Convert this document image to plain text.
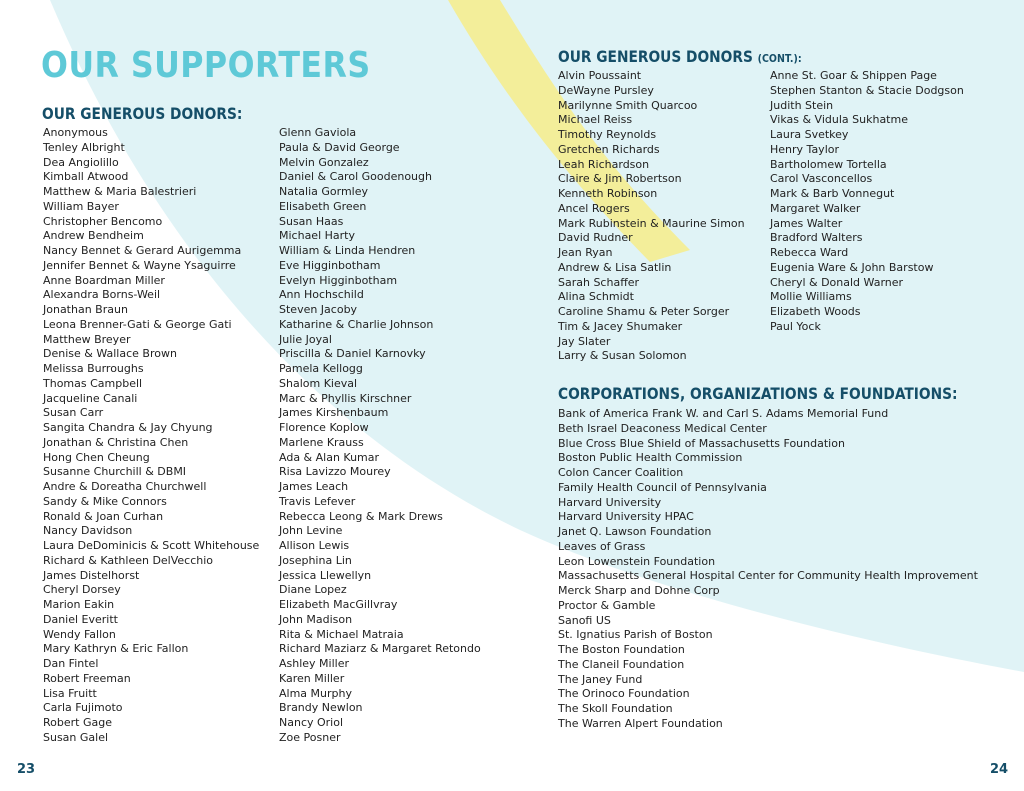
OUR SUPPORTERS
OUR GENEROUS DONORS:
OUR GENEROUS DONORS (CONT.):
CORPORATIONS, ORGANIZATIONS & FOUNDATIONS:
Anonymous
Tenley Albright
Dea Angiolillo
Kimball Atwood
Matthew & Maria Balestrieri
William Bayer
Christopher Bencomo
Andrew Bendheim
Nancy Bennet & Gerard Aurigemma
Jennifer Bennet & Wayne Ysaguirre
Anne Boardman Miller
Alexandra Borns-Weil
Jonathan Braun
Leona Brenner-Gati & George Gati
Matthew Breyer
Denise & Wallace Brown
Melissa Burroughs
Thomas Campbell
Jacqueline Canali
Susan Carr
Sangita Chandra & Jay Chyung
Jonathan & Christina Chen
Hong Chen Cheung
Susanne Churchill & DBMI
Andre & Doreatha Churchwell
Sandy & Mike Connors
Ronald & Joan Curhan
Nancy Davidson
Laura DeDominicis & Scott Whitehouse
Richard & Kathleen DelVecchio
James Distelhorst
Cheryl Dorsey
Marion Eakin
Daniel Everitt
Wendy Fallon
Mary Kathryn & Eric Fallon
Dan Fintel
Robert Freeman
Lisa Fruitt
Carla Fujimoto
Robert Gage
Susan Galel
Glenn Gaviola
Paula & David George
Melvin Gonzalez
Daniel & Carol Goodenough
Natalia Gormley
Elisabeth Green
Susan Haas
Michael Harty
William & Linda Hendren
Eve Higginbotham
Evelyn Higginbotham
Ann Hochschild
Steven Jacoby
Katharine & Charlie Johnson
Julie Joyal
Priscilla & Daniel Karnovky
Pamela Kellogg
Shalom Kieval
Marc & Phyllis Kirschner
James Kirshenbaum
Florence Koplow
Marlene Krauss
Ada & Alan Kumar
Risa Lavizzo Mourey
James Leach
Travis Lefever
Rebecca Leong & Mark Drews
John Levine
Allison Lewis
Josephina Lin
Jessica Llewellyn
Diane Lopez
Elizabeth MacGillvray
John Madison
Rita & Michael Matraia
Richard Maziarz & Margaret Retondo
Ashley Miller
Karen Miller
Alma Murphy
Brandy Newlon
Nancy Oriol
Zoe Posner
Alvin Poussaint
DeWayne Pursley
Marilynne Smith Quarcoo
Michael Reiss
Timothy Reynolds
Gretchen Richards
Leah Richardson
Claire & Jim Robertson
Kenneth Robinson
Ancel Rogers
Mark Rubinstein & Maurine Simon
David Rudner
Jean Ryan
Andrew & Lisa Satlin
Sarah Schaffer
Alina Schmidt
Caroline Shamu & Peter Sorger
Tim & Jacey Shumaker
Jay Slater
Larry & Susan Solomon
Anne St. Goar & Shippen Page
Stephen Stanton & Stacie Dodgson
Judith Stein
Vikas & Vidula Sukhatme
Laura Svetkey
Henry Taylor
Bartholomew Tortella
Carol Vasconcellos
Mark & Barb Vonnegut
Margaret Walker
James Walter
Bradford Walters
Rebecca Ward
Eugenia Ware & John Barstow
Cheryl & Donald Warner
Mollie Williams
Elizabeth Woods
Paul Yock
Bank of America Frank W. and Carl S. Adams Memorial Fund
Beth Israel Deaconess Medical Center
Blue Cross Blue Shield of Massachusetts Foundation
Boston Public Health Commission
Colon Cancer Coalition
Family Health Council of Pennsylvania
Harvard University
Harvard University HPAC
Janet Q. Lawson Foundation
Leaves of Grass
Leon Lowenstein Foundation
Massachusetts General Hospital Center for Community Health Improvement
Merck Sharp and Dohne Corp
Proctor & Gamble
Sanofi US
St. Ignatius Parish of Boston
The Boston Foundation
The Claneil Foundation
The Janey Fund
The Orinoco Foundation
The Skoll Foundation
The Warren Alpert Foundation
23	24
